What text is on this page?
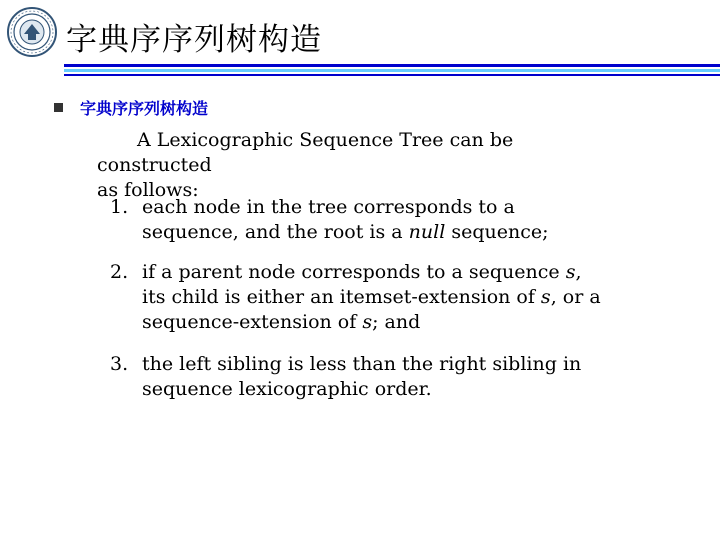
字典序序列树构造
字典序序列树构造
A Lexicographic Sequence Tree can be constructed
as follows:
1. each node in the tree corresponds to a sequence, and the root is a null sequence;
2. if a parent node corresponds to a sequence s, its child is either an itemset-extension of s, or a sequence-extension of s; and
3. the left sibling is less than the right sibling in sequence lexicographic order.
